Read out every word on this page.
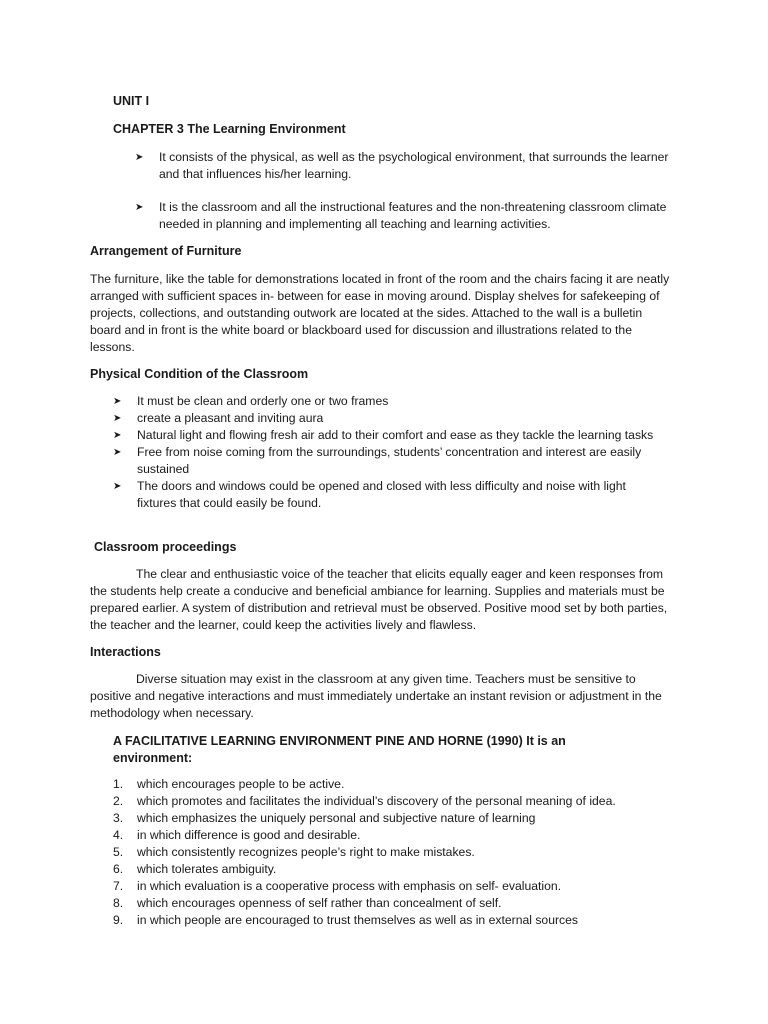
UNIT I
CHAPTER 3 The Learning Environment
➤	It consists of the physical, as well as the psychological environment, that surrounds the learner and that influences his/her learning.
➤	It is the classroom and all the instructional features and the non-threatening classroom climate needed in planning and implementing all teaching and learning activities.
Arrangement of Furniture

The furniture, like the table for demonstrations located in front of the room and the chairs facing it are neatly arranged with sufficient spaces in- between for ease in moving around. Display shelves for safekeeping of projects, collections, and outstanding outwork are located at the sides. Attached to the wall is a bulletin board and in front is the white board or blackboard used for discussion and illustrations related to the lessons.

Physical Condition of the Classroom
➤	It must be clean and orderly one or two frames
➤	create a pleasant and inviting aura
➤	Natural light and flowing fresh air add to their comfort and ease as they tackle the learning tasks
➤	Free from noise coming from the surroundings, students’ concentration and interest are easily sustained
➤	The doors and windows could be opened and closed with less difficulty and noise with light fixtures that could easily be found.
Classroom proceedings

The clear and enthusiastic voice of the teacher that elicits equally eager and keen responses from the students help create a conducive and beneficial ambiance for learning. Supplies and materials must be prepared earlier. A system of distribution and retrieval must be observed. Positive mood set by both parties, the teacher and the learner, could keep the activities lively and flawless.

Interactions

Diverse situation may exist in the classroom at any given time. Teachers must be sensitive to positive and negative interactions and must immediately undertake an instant revision or adjustment in the methodology when necessary.

A FACILITATIVE LEARNING ENVIRONMENT PINE AND HORNE (1990) It is an environment:
1.	which encourages people to be active.
2.	which promotes and facilitates the individual’s discovery of the personal meaning of idea.
3.	which emphasizes the uniquely personal and subjective nature of learning
4.	in which difference is good and desirable.
5.	which consistently recognizes people’s right to make mistakes.
6.	which tolerates ambiguity.
7.	in which evaluation is a cooperative process with emphasis on self- evaluation.
8.	which encourages openness of self rather than concealment of self.
9.	in which people are encouraged to trust themselves as well as in external sources
